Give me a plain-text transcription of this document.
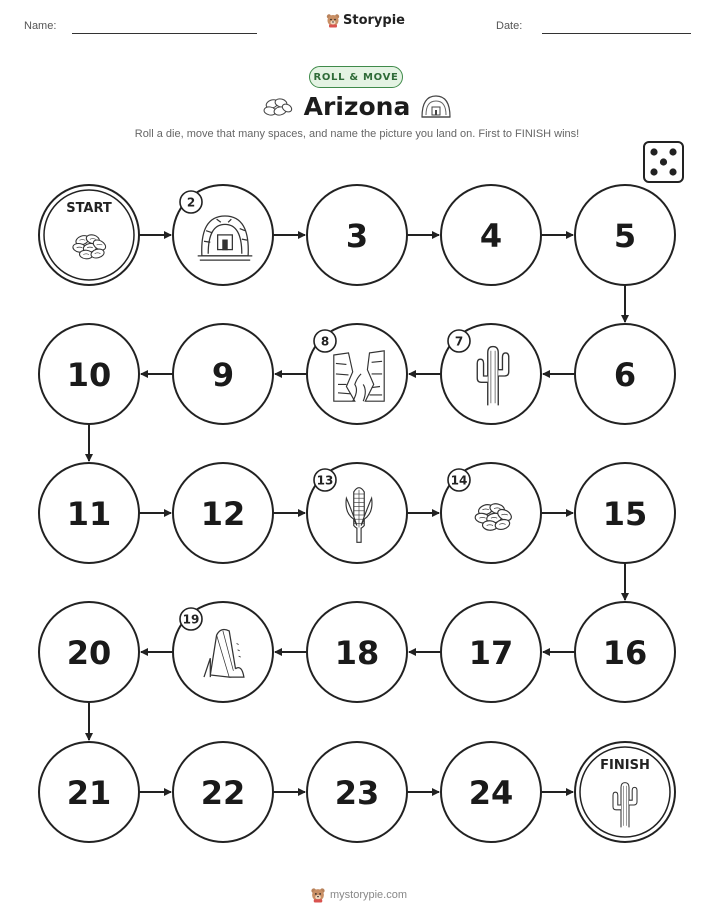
Name:	Storypie	Date:
ROLL & MOVE
Arizona
Roll a die, move that many spaces, and name the picture you land on. First to FINISH wins!
START	2
3	4	5
6
7
8
9
10
11	12
13	14
15
16
17
18
19
20
21	22	23	24
FINISH
mystorypie.com
